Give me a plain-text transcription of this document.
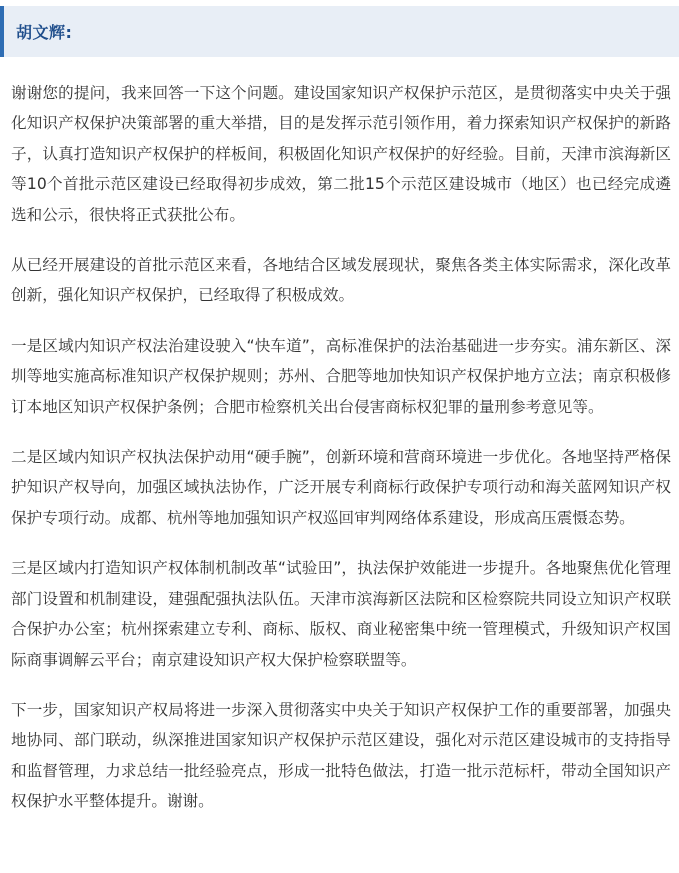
胡文辉:

谢谢您的提问，我来回答一下这个问题。建设国家知识产权保护示范区，是贯彻落实中央关于强化知识产权保护决策部署的重大举措，目的是发挥示范引领作用，着力探索知识产权保护的新路子，认真打造知识产权保护的样板间，积极固化知识产权保护的好经验。目前，天津市滨海新区等10个首批示范区建设已经取得初步成效，第二批15个示范区建设城市（地区）也已经完成遴选和公示，很快将正式获批公布。

从已经开展建设的首批示范区来看，各地结合区域发展现状，聚焦各类主体实际需求，深化改革创新，强化知识产权保护，已经取得了积极成效。

一是区域内知识产权法治建设驶入“快车道”，高标准保护的法治基础进一步夯实。浦东新区、深圳等地实施高标准知识产权保护规则；苏州、合肥等地加快知识产权保护地方立法；南京积极修订本地区知识产权保护条例；合肥市检察机关出台侵害商标权犯罪的量刑参考意见等。

二是区域内知识产权执法保护动用“硬手腕”，创新环境和营商环境进一步优化。各地坚持严格保护知识产权导向，加强区域执法协作，广泛开展专利商标行政保护专项行动和海关蓝网知识产权保护专项行动。成都、杭州等地加强知识产权巡回审判网络体系建设，形成高压震慑态势。

三是区域内打造知识产权体制机制改革“试验田”，执法保护效能进一步提升。各地聚焦优化管理部门设置和机制建设，建强配强执法队伍。天津市滨海新区法院和区检察院共同设立知识产权联合保护办公室；杭州探索建立专利、商标、版权、商业秘密集中统一管理模式，升级知识产权国际商事调解云平台；南京建设知识产权大保护检察联盟等。

下一步，国家知识产权局将进一步深入贯彻落实中央关于知识产权保护工作的重要部署，加强央地协同、部门联动，纵深推进国家知识产权保护示范区建设，强化对示范区建设城市的支持指导和监督管理，力求总结一批经验亮点，形成一批特色做法，打造一批示范标杆，带动全国知识产权保护水平整体提升。谢谢。
